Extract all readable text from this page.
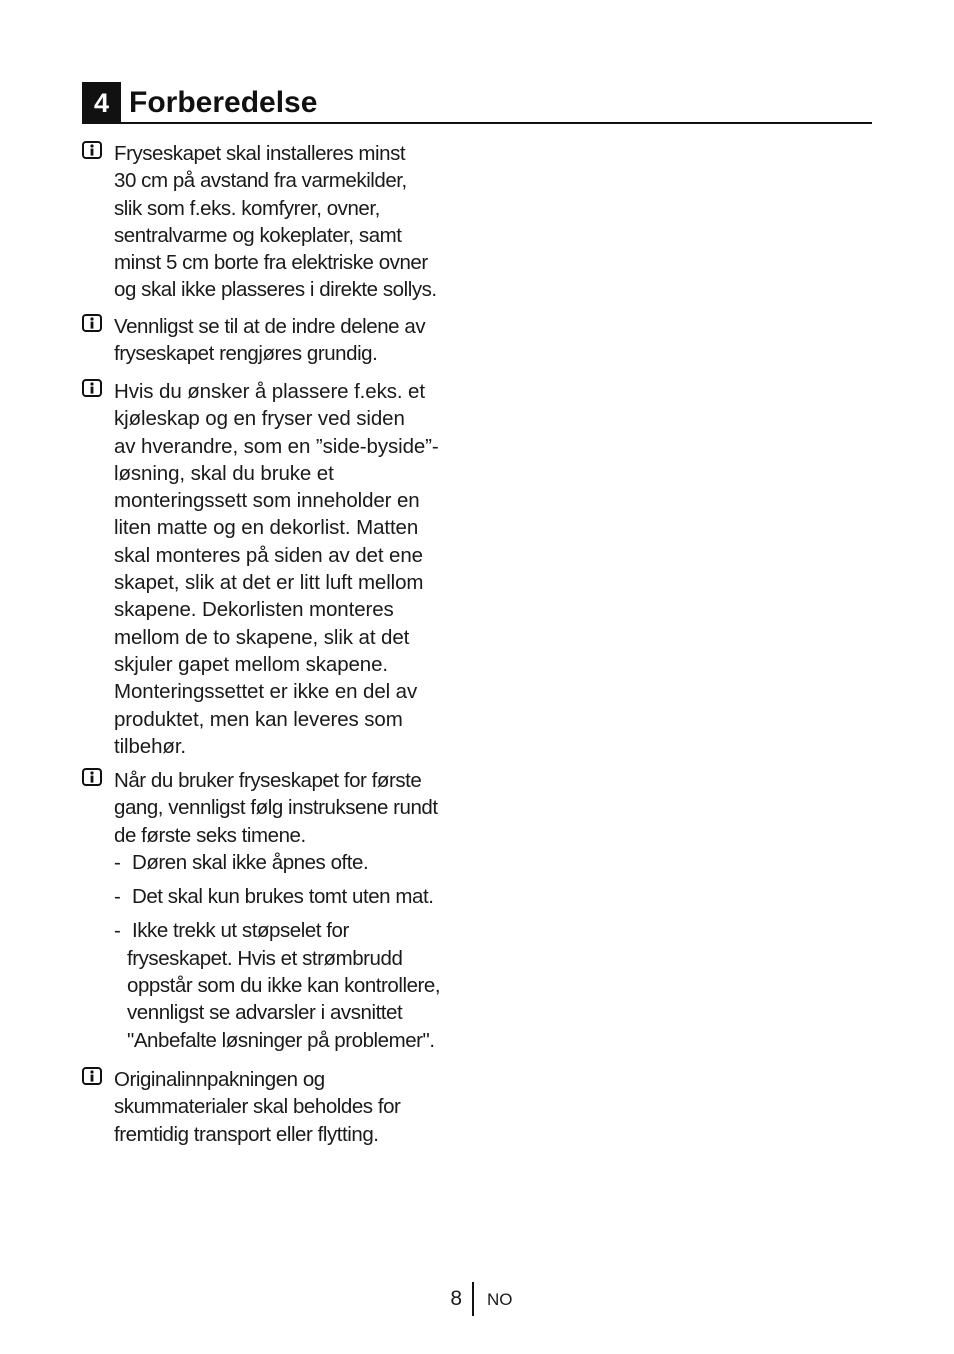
4 Forberedelse

Fryseskapet skal installeres minst

30 cm på avstand fra varmekilder,

slik som f.eks. komfyrer, ovner,

sentralvarme og kokeplater, samt

minst 5 cm borte fra elektriske ovner

og skal ikke plasseres i direkte sollys.

Vennligst se til at de indre delene av

fryseskapet rengjøres grundig.

Hvis du ønsker å plassere f.eks. et

kjøleskap og en fryser ved siden

av hverandre, som en ”side-byside”-

løsning, skal du bruke et

monteringssett som inneholder en

liten matte og en dekorlist. Matten

skal monteres på siden av det ene

skapet, slik at det er litt luft mellom

skapene. Dekorlisten monteres

mellom de to skapene, slik at det

skjuler gapet mellom skapene.

Monteringssettet er ikke en del av

produktet, men kan leveres som

tilbehør.

Når du bruker fryseskapet for første

gang, vennligst følg instruksene rundt

de første seks timene.

- Døren skal ikke åpnes ofte.

- Det skal kun brukes tomt uten mat.

- Ikke trekk ut støpselet for

fryseskapet. Hvis et strømbrudd

oppstår som du ikke kan kontrollere,

vennligst se advarsler i avsnittet

"Anbefalte løsninger på problemer".

Originalinnpakningen og

skummaterialer skal beholdes for

fremtidig transport eller flytting.

8 NO
